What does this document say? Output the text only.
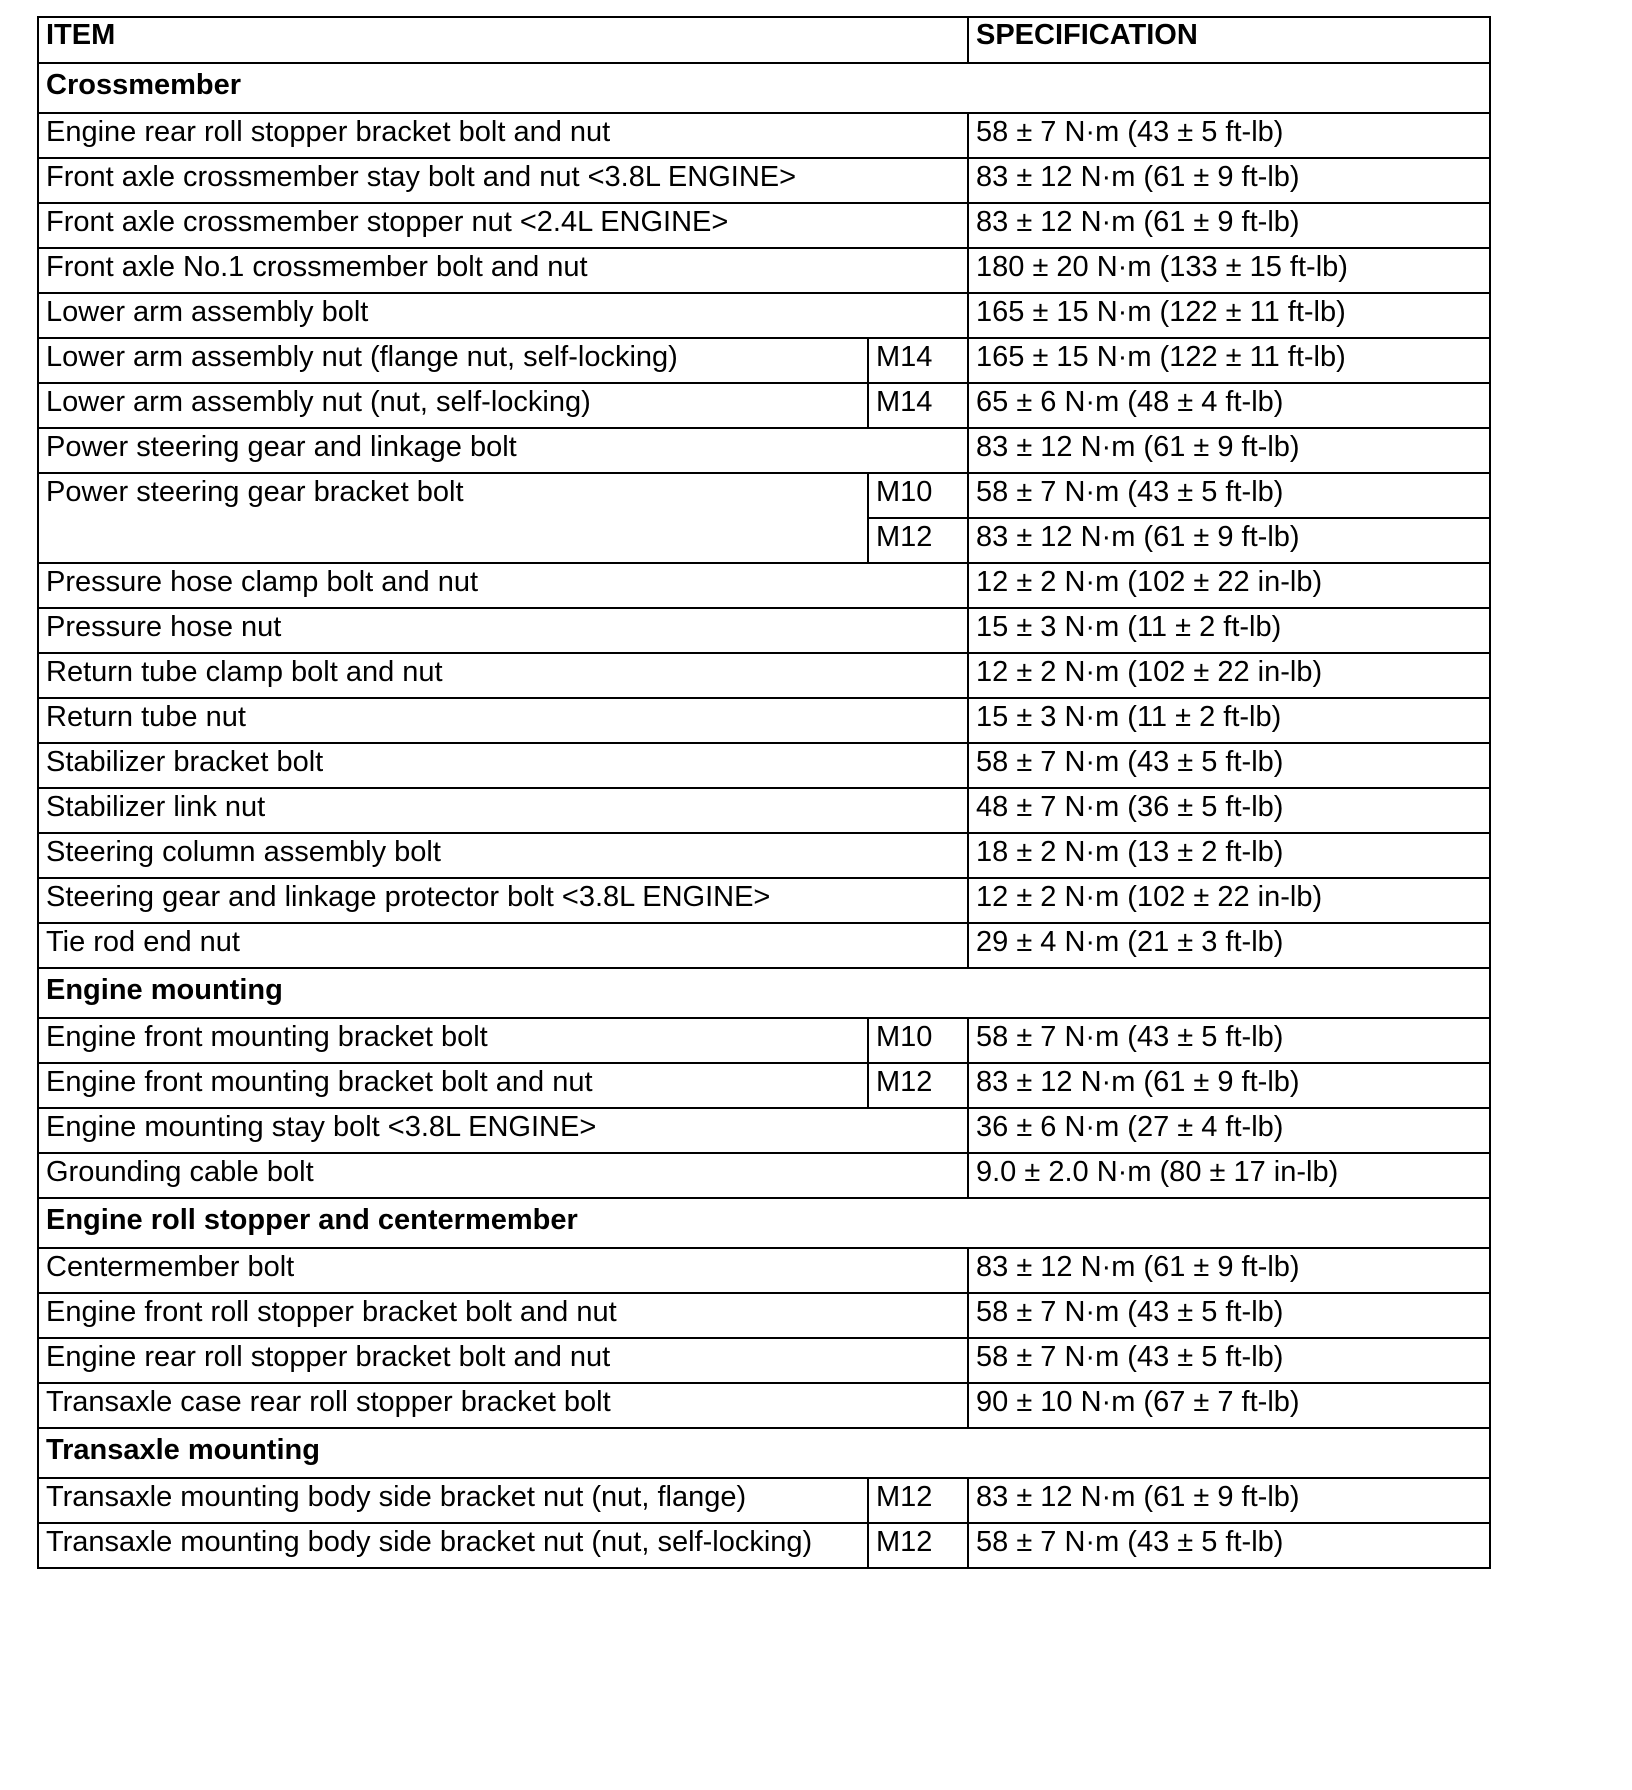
ITEM		SPECIFICATION
Crossmember		
Engine rear roll stopper bracket bolt and nut		58 ± 7 N·m (43 ± 5 ft-lb)
Front axle crossmember stay bolt and nut <3.8L ENGINE>		83 ± 12 N·m (61 ± 9 ft-lb)
Front axle crossmember stopper nut <2.4L ENGINE>		83 ± 12 N·m (61 ± 9 ft-lb)
Front axle No.1 crossmember bolt and nut		180 ± 20 N·m (133 ± 15 ft-lb)
Lower arm assembly bolt		165 ± 15 N·m (122 ± 11 ft-lb)
Lower arm assembly nut (flange nut, self-locking)	M14	165 ± 15 N·m (122 ± 11 ft-lb)
Lower arm assembly nut (nut, self-locking)	M14	65 ± 6 N·m (48 ± 4 ft-lb)
Power steering gear and linkage bolt		83 ± 12 N·m (61 ± 9 ft-lb)
Power steering gear bracket bolt	M10	58 ± 7 N·m (43 ± 5 ft-lb)
	M12	83 ± 12 N·m (61 ± 9 ft-lb)
Pressure hose clamp bolt and nut		12 ± 2 N·m (102 ± 22 in-lb)
Pressure hose nut		15 ± 3 N·m (11 ± 2 ft-lb)
Return tube clamp bolt and nut		12 ± 2 N·m (102 ± 22 in-lb)
Return tube nut		15 ± 3 N·m (11 ± 2 ft-lb)
Stabilizer bracket bolt		58 ± 7 N·m (43 ± 5 ft-lb)
Stabilizer link nut		48 ± 7 N·m (36 ± 5 ft-lb)
Steering column assembly bolt		18 ± 2 N·m (13 ± 2 ft-lb)
Steering gear and linkage protector bolt <3.8L ENGINE>		12 ± 2 N·m (102 ± 22 in-lb)
Tie rod end nut		29 ± 4 N·m (21 ± 3 ft-lb)
Engine mounting		
Engine front mounting bracket bolt	M10	58 ± 7 N·m (43 ± 5 ft-lb)
Engine front mounting bracket bolt and nut	M12	83 ± 12 N·m (61 ± 9 ft-lb)
Engine mounting stay bolt <3.8L ENGINE>		36 ± 6 N·m (27 ± 4 ft-lb)
Grounding cable bolt		9.0 ± 2.0 N·m (80 ± 17 in-lb)
Engine roll stopper and centermember		
Centermember bolt		83 ± 12 N·m (61 ± 9 ft-lb)
Engine front roll stopper bracket bolt and nut		58 ± 7 N·m (43 ± 5 ft-lb)
Engine rear roll stopper bracket bolt and nut		58 ± 7 N·m (43 ± 5 ft-lb)
Transaxle case rear roll stopper bracket bolt		90 ± 10 N·m (67 ± 7 ft-lb)
Transaxle mounting		
Transaxle mounting body side bracket nut (nut, flange)	M12	83 ± 12 N·m (61 ± 9 ft-lb)
Transaxle mounting body side bracket nut (nut, self-locking)	M12	58 ± 7 N·m (43 ± 5 ft-lb)
